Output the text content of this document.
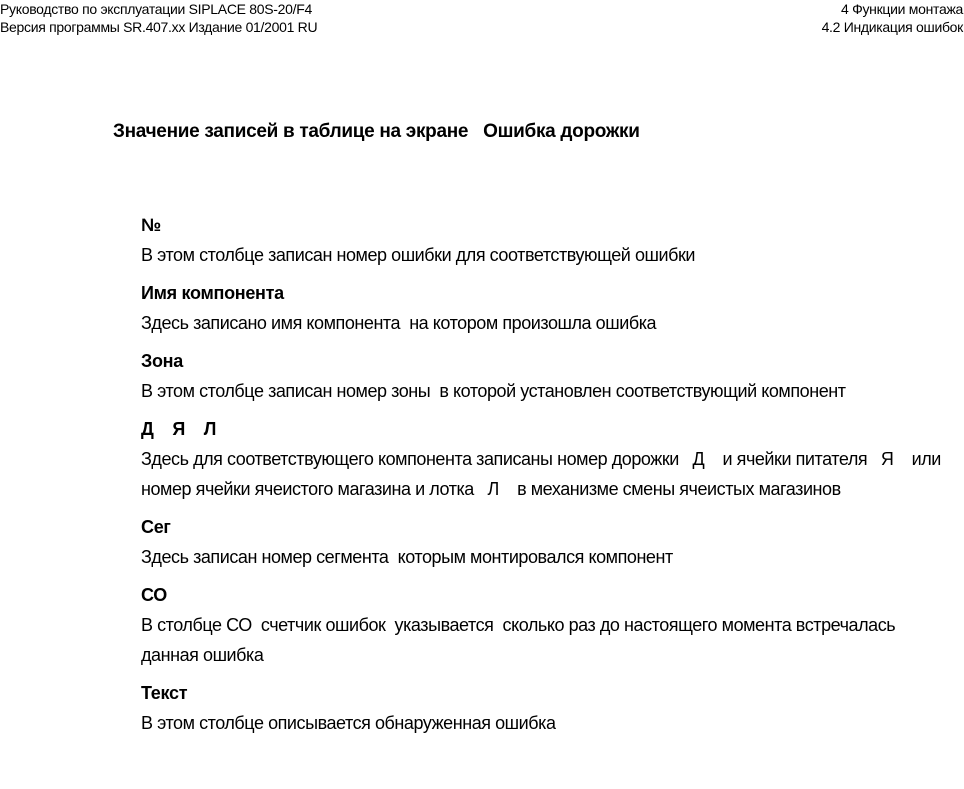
Руководство по эксплуатации SIPLACE 80S-20/F4
Версия программы SR.407.xx Издание 01/2001 RU
4 Функции монтажа
4.2 Индикация ошибок
Значение записей в таблице на экране   Ошибка дорожки
№
В этом столбце записан номер ошибки для соответствующей ошибки
Имя компонента
Здесь записано имя компонента  на котором произошла ошибка
Зона
В этом столбце записан номер зоны  в которой установлен соответствующий компонент
Д    Я    Л
Здесь для соответствующего компонента записаны номер дорожки   Д    и ячейки питателя   Я    или номер ячейки ячеистого магазина и лотка   Л    в механизме смены ячеистых магазинов
Сег
Здесь записан номер сегмента  которым монтировался компонент
СО
В столбце СО  счетчик ошибок  указывается  сколько раз до настоящего момента встречалась данная ошибка
Текст
В этом столбце описывается обнаруженная ошибка
